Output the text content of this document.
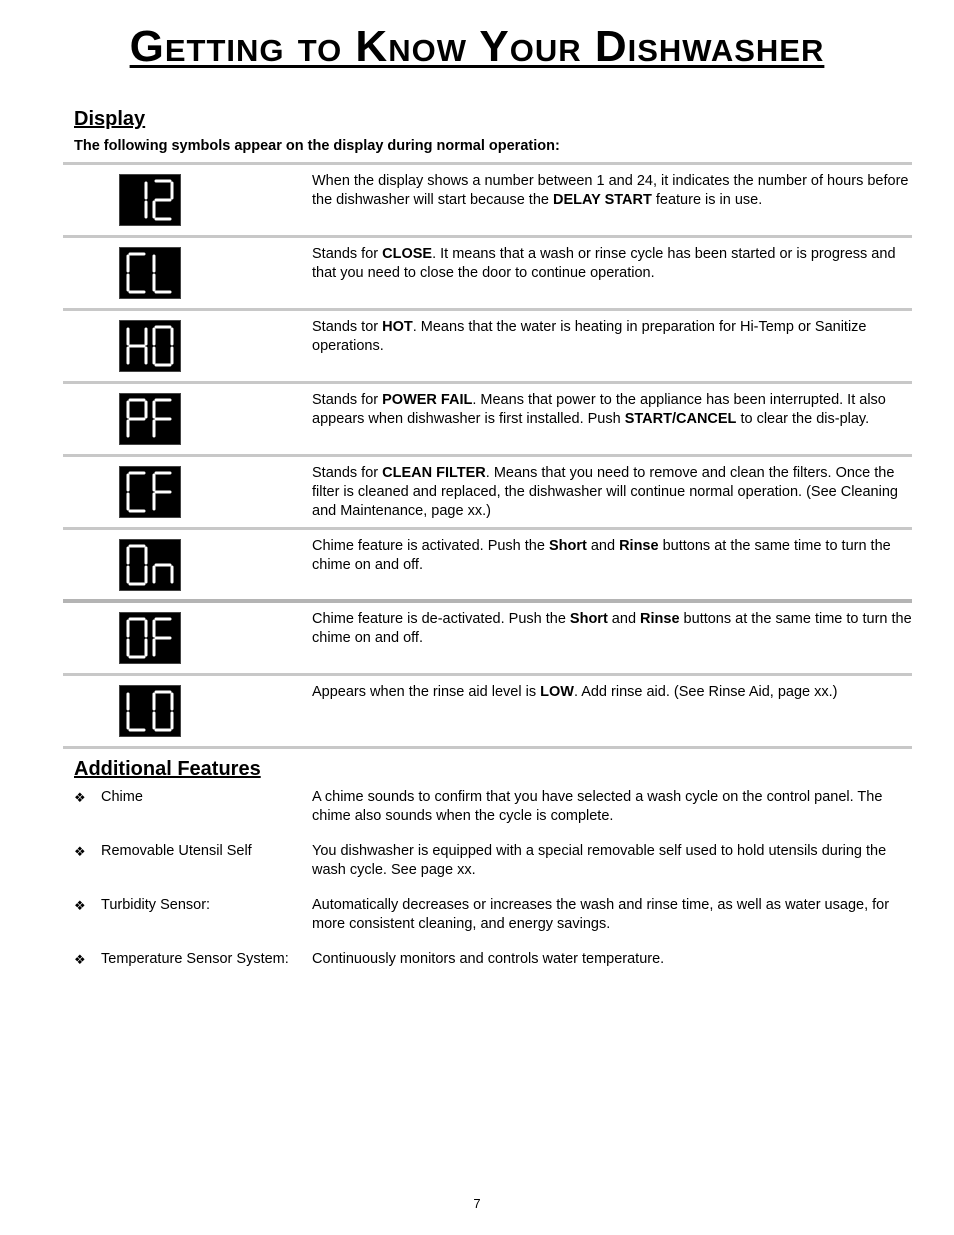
Getting to Know Your Dishwasher
Display
The following symbols appear on the display during normal operation:
When the display shows a number between 1 and 24, it indicates the number of hours before the dishwasher will start because the DELAY START feature is in use.
Stands for CLOSE. It means that a wash or rinse cycle has been started or is progress and that you need to close the door to continue operation.
Stands tor HOT. Means that the water is heating in preparation for Hi-Temp or Sanitize operations.
Stands for POWER FAIL. Means that power to the appliance has been interrupted. It also appears when dishwasher is first installed. Push START/CANCEL to clear the dis-play.
Stands for CLEAN FILTER. Means that you need to remove and clean the filters. Once the filter is cleaned and replaced, the dishwasher will continue normal operation. (See Cleaning and Maintenance, page xx.)
Chime feature is activated. Push the Short and Rinse buttons at the same time to turn the chime on and off.
Chime feature is de-activated. Push the Short and Rinse buttons at the same time to turn the chime on and off.
Appears when the rinse aid level is LOW. Add rinse aid. (See Rinse Aid, page xx.)
Additional Features
❖	Chime	A chime sounds to confirm that you have selected a wash cycle on the control panel. The chime also sounds when the cycle is complete.
❖	Removable Utensil Self	You dishwasher is equipped with a special removable self used to hold utensils during the wash cycle. See page xx.
❖	Turbidity Sensor:	Automatically decreases or increases the wash and rinse time, as well as water usage, for more consistent cleaning, and energy savings.
❖	Temperature Sensor System: Continuously monitors and controls water temperature.
7
